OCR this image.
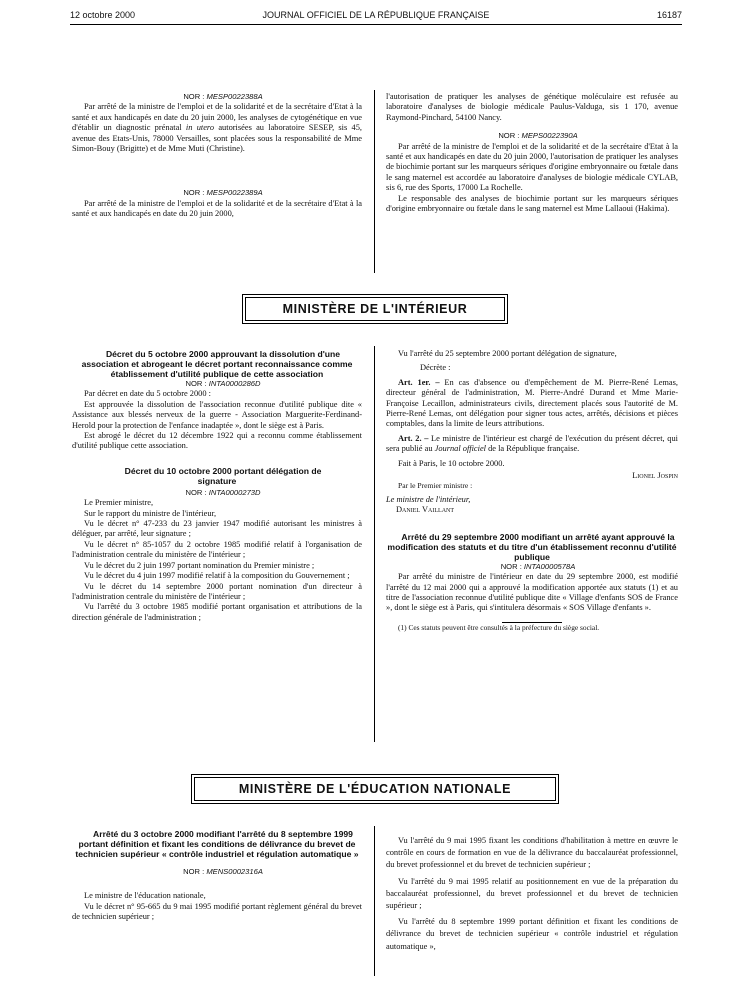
12 octobre 2000	JOURNAL OFFICIEL DE LA RÉPUBLIQUE FRANÇAISE	16187

NOR : MESP0022388A

Par arrêté de la ministre de l'emploi et de la solidarité et de la secrétaire d'Etat à la santé et aux handicapés en date du 20 juin 2000, les analyses de cytogénétique en vue d'établir un diagnostic prénatal in utero autorisées au laboratoire SESEP, sis 45, avenue des Etats-Unis, 78000 Versailles, sont placées sous la responsabilité de Mme Simon-Bouy (Brigitte) et de Mme Muti (Christine).

NOR : MESP0022389A

Par arrêté de la ministre de l'emploi et de la solidarité et de la secrétaire d'Etat à la santé et aux handicapés en date du 20 juin 2000,

l'autorisation de pratiquer les analyses de génétique moléculaire est refusée au laboratoire d'analyses de biologie médicale Paulus-Valduga, sis 1 170, avenue Raymond-Pinchard, 54100 Nancy.

NOR : MEPS0022390A

Par arrêté de la ministre de l'emploi et de la solidarité et de la secrétaire d'Etat à la santé et aux handicapés en date du 20 juin 2000, l'autorisation de pratiquer les analyses de biochimie portant sur les marqueurs sériques d'origine embryonnaire ou fœtale dans le sang maternel est accordée au laboratoire d'analyses de biologie médicale CYLAB, sis 6, rue des Sports, 17000 La Rochelle.

Le responsable des analyses de biochimie portant sur les marqueurs sériques d'origine embryonnaire ou fœtale dans le sang maternel est Mme Lallaoui (Hakima).

MINISTÈRE DE L'INTÉRIEUR

Décret du 5 octobre 2000 approuvant la dissolution d'une association et abrogeant le décret portant reconnaissance comme établissement d'utilité publique de cette association

NOR : INTA0000286D

Par décret en date du 5 octobre 2000 :

Est approuvée la dissolution de l'association reconnue d'utilité publique dite « Assistance aux blessés nerveux de la guerre - Association Marguerite-Ferdinand-Herold pour la protection de l'enfance inadaptée », dont le siège est à Paris.

Est abrogé le décret du 12 décembre 1922 qui a reconnu comme établissement d'utilité publique cette association.

Décret du 10 octobre 2000 portant délégation de signature

NOR : INTA0000273D

Le Premier ministre,

Sur le rapport du ministre de l'intérieur,

Vu le décret n° 47-233 du 23 janvier 1947 modifié autorisant les ministres à déléguer, par arrêté, leur signature ;

Vu le décret n° 85-1057 du 2 octobre 1985 modifié relatif à l'organisation de l'administration centrale du ministère de l'intérieur ;

Vu le décret du 2 juin 1997 portant nomination du Premier ministre ;

Vu le décret du 4 juin 1997 modifié relatif à la composition du Gouvernement ;

Vu le décret du 14 septembre 2000 portant nomination d'un directeur à l'administration centrale du ministère de l'intérieur ;

Vu l'arrêté du 3 octobre 1985 modifié portant organisation et attributions de la direction générale de l'administration ;

Vu l'arrêté du 25 septembre 2000 portant délégation de signature,

Décrète :

Art. 1er. – En cas d'absence ou d'empêchement de M. Pierre-René Lemas, directeur général de l'administration, M. Pierre-André Durand et Mme Marie-Françoise Lecaillon, administrateurs civils, directement placés sous l'autorité de M. Pierre-René Lemas, ont délégation pour signer tous actes, arrêtés, décisions et pièces comptables, dans la limite de leurs attributions.

Art. 2. – Le ministre de l'intérieur est chargé de l'exécution du présent décret, qui sera publié au Journal officiel de la République française.

Fait à Paris, le 10 octobre 2000.

Lionel Jospin

Par le Premier ministre :

Le ministre de l'intérieur,

Daniel Vaillant

Arrêté du 29 septembre 2000 modifiant un arrêté ayant approuvé la modification des statuts et du titre d'un établissement reconnu d'utilité publique

NOR : INTA0000578A

Par arrêté du ministre de l'intérieur en date du 29 septembre 2000, est modifié l'arrêté du 12 mai 2000 qui a approuvé la modification apportée aux statuts (1) et au titre de l'association reconnue d'utilité publique dite « Village d'enfants SOS de France », dont le siège est à Paris, qui s'intitulera désormais « SOS Village d'enfants ».

(1) Ces statuts peuvent être consultés à la préfecture du siège social.

MINISTÈRE DE L'ÉDUCATION NATIONALE

Arrêté du 3 octobre 2000 modifiant l'arrêté du 8 septembre 1999 portant définition et fixant les conditions de délivrance du brevet de technicien supérieur « contrôle industriel et régulation automatique »

NOR : MENS0002316A

Le ministre de l'éducation nationale,

Vu le décret n° 95-665 du 9 mai 1995 modifié portant règlement général du brevet de technicien supérieur ;

Vu l'arrêté du 9 mai 1995 fixant les conditions d'habilitation à mettre en œuvre le contrôle en cours de formation en vue de la délivrance du baccalauréat professionnel, du brevet professionnel et du brevet de technicien supérieur ;

Vu l'arrêté du 9 mai 1995 relatif au positionnement en vue de la préparation du baccalauréat professionnel, du brevet professionnel et du brevet de technicien supérieur ;

Vu l'arrêté du 8 septembre 1999 portant définition et fixant les conditions de délivrance du brevet de technicien supérieur « contrôle industriel et régulation automatique »,
